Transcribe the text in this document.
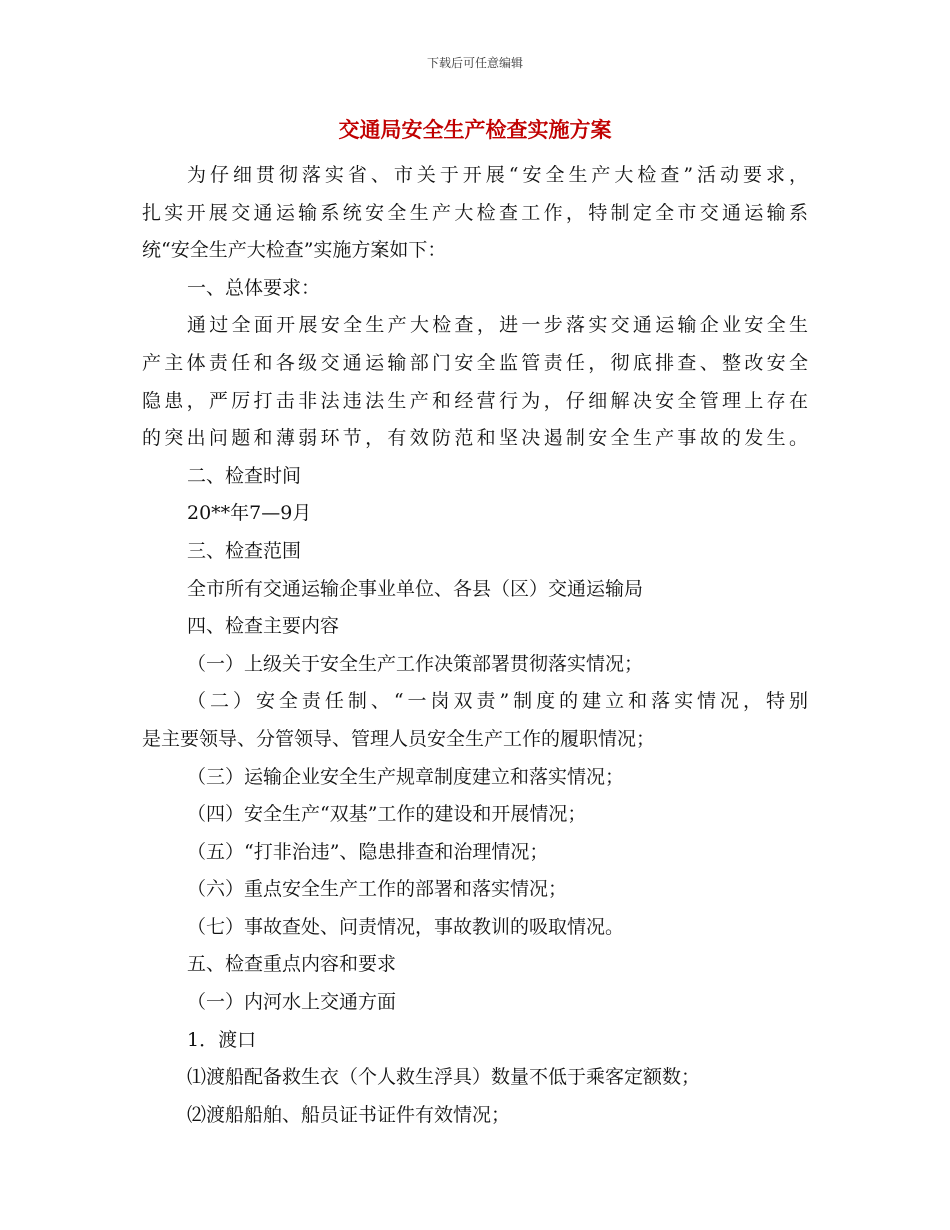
下载后可任意编辑
交通局安全生产检查实施方案
为仔细贯彻落实省、市关于开展“安全生产大检查”活动要求，
扎实开展交通运输系统安全生产大检查工作，特制定全市交通运输系
统“安全生产大检查”实施方案如下：
一、总体要求：
通过全面开展安全生产大检查，进一步落实交通运输企业安全生
产主体责任和各级交通运输部门安全监管责任，彻底排查、整改安全
隐患，严厉打击非法违法生产和经营行为，仔细解决安全管理上存在
的突出问题和薄弱环节，有效防范和坚决遏制安全生产事故的发生。
二、检查时间
20**年7—9月
三、检查范围
全市所有交通运输企事业单位、各县（区）交通运输局
四、检查主要内容
（一）上级关于安全生产工作决策部署贯彻落实情况；
（二）安全责任制、“一岗双责”制度的建立和落实情况，特别
是主要领导、分管领导、管理人员安全生产工作的履职情况；
（三）运输企业安全生产规章制度建立和落实情况；
（四）安全生产“双基”工作的建设和开展情况；
（五）“打非治违”、隐患排查和治理情况；
（六）重点安全生产工作的部署和落实情况；
（七）事故查处、问责情况，事故教训的吸取情况。
五、检查重点内容和要求
（一）内河水上交通方面
1．渡口
⑴渡船配备救生衣（个人救生浮具）数量不低于乘客定额数；
⑵渡船船舶、船员证书证件有效情况；
